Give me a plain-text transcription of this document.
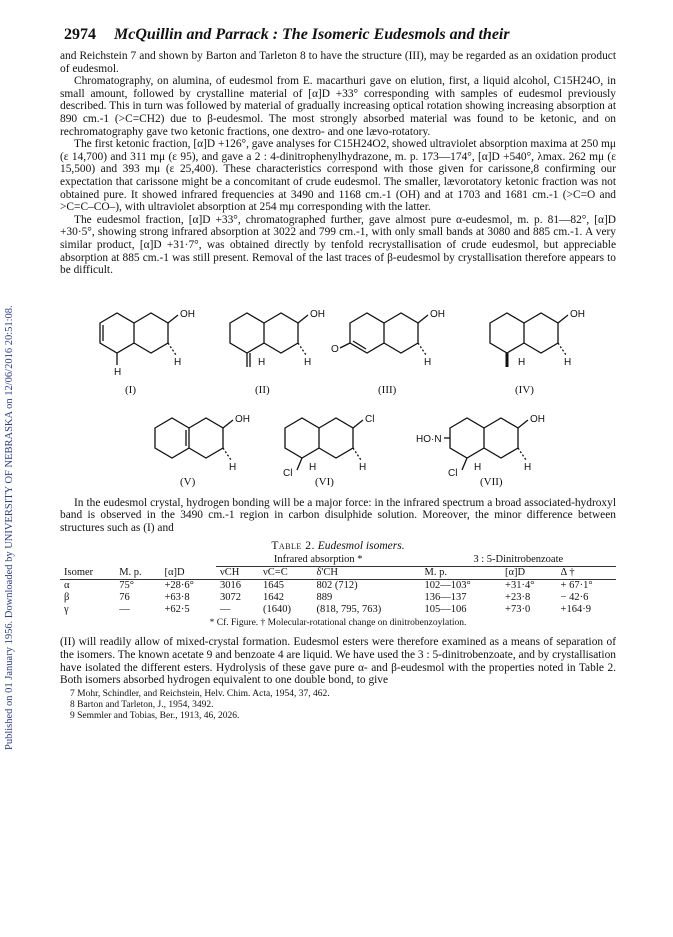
Published on 01 January 1956. Downloaded by UNIVERSITY OF NEBRASKA on 12/06/2016 20:51:08.
2974 McQuillin and Parrack : The Isomeric Eudesmols and their

and Reichstein 7 and shown by Barton and Tarleton 8 to have the structure (III), may be regarded as an oxidation product of eudesmol.

Chromatography, on alumina, of eudesmol from E. macarthuri gave on elution, first, a liquid alcohol, C15H24O, in small amount, followed by crystalline material of [α]D +33° corresponding with samples of eudesmol previously described. This in turn was followed by material of gradually increasing optical rotation showing increasing absorption at 890 cm.-1 (>C=CH2) due to β-eudesmol. The most strongly absorbed material was found to be ketonic, and on rechromatography gave two ketonic fractions, one dextro- and one lævo-rotatory.

The first ketonic fraction, [α]D +126°, gave analyses for C15H24O2, showed ultraviolet absorption maxima at 250 mμ (ε 14,700) and 311 mμ (ε 95), and gave a 2 : 4-dinitrophenylhydrazone, m. p. 173—174°, [α]D +540°, λmax. 262 mμ (ε 15,500) and 393 mμ (ε 25,400). These characteristics correspond with those given for carissone,8 confirming our expectation that carissone might be a concomitant of crude eudesmol. The smaller, lævorotatory ketonic fraction was not obtained pure. It showed infrared frequencies at 3490 and 1168 cm.-1 (OH) and at 1703 and 1681 cm.-1 (>C=O and >C=C–CO–), with ultraviolet absorption at 254 mμ corresponding with the latter.

The eudesmol fraction, [α]D +33°, chromatographed further, gave almost pure α-eudesmol, m. p. 81—82°, [α]D +30·5°, showing strong infrared absorption at 3022 and 799 cm.-1, with only small bands at 3080 and 885 cm.-1. A very similar product, [α]D +31·7°, was obtained directly by tenfold recrystallisation of crude eudesmol, but appreciable absorption at 885 cm.-1 was still present. Removal of the last traces of β-eudesmol by crystallisation therefore appears to be difficult.

OH
H
H
(I)
OH
H
H
(II)
O
OH
H
(III)
OH
H
H
(IV)
OH
H
(V)
Cl
Cl
H	H
(VI)
HO·N
OH
Cl
H	H
(VII)

In the eudesmol crystal, hydrogen bonding will be a major force: in the infrared spectrum a broad associated-hydroxyl band is observed in the 3490 cm.-1 region in carbon disulphide solution. Moreover, the minor difference between structures such as (I) and

Table 2. Eudesmol isomers.
			Infrared absorption *			3 : 5-Dinitrobenzoate		
Isomer	M. p.	[α]D	νCH	νC=C	δ'CH	M. p.	[α]D	Δ †
α	75°	+28·6°	3016	1645	802 (712)	102—103°	+31·4°	+ 67·1°
β	76	+63·8	3072	1642	889	136—137	+23·8	− 42·6
γ	—	+62·5	—	(1640)	(818, 795, 763)	105—106	+73·0	+164·9
* Cf. Figure. † Molecular-rotational change on dinitrobenzoylation.

(II) will readily allow of mixed-crystal formation. Eudesmol esters were therefore examined as a means of separation of the isomers. The known acetate 9 and benzoate 4 are liquid. We have used the 3 : 5-dinitrobenzoate, and by crystallisation have isolated the different esters. Hydrolysis of these gave pure α- and β-eudesmol with the properties noted in Table 2. Both isomers absorbed hydrogen equivalent to one double bond, to give

7 Mohr, Schindler, and Reichstein, Helv. Chim. Acta, 1954, 37, 462.
8 Barton and Tarleton, J., 1954, 3492.
9 Semmler and Tobias, Ber., 1913, 46, 2026.
